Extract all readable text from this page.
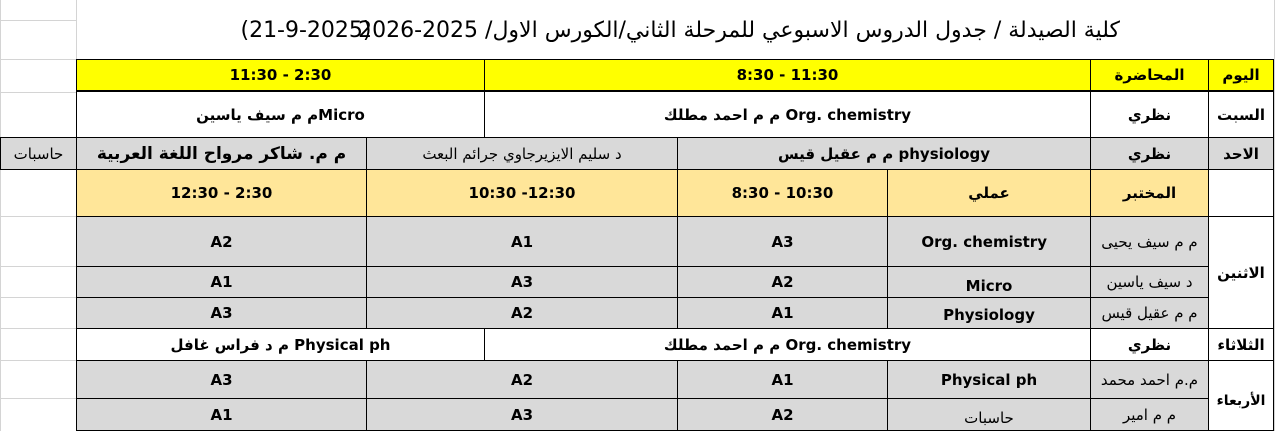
كلية الصيدلة / جدول الدروس الاسبوعي للمرحلة الثاني/الكورس الاول/ 2025-2026
(21-9-2025)
اليوم
المحاضرة
8:30 - 11:30
11:30 - 2:30
السبت
نظري
م م احمد مطلك Org. chemistry
م م سيف ياسينMicro
الاحد
نظري
م م عقيل قيس physiology
د سليم الايزيرجاوي جرائم البعث
م م. شاكر مرواح اللغة العربية
حاسبات
المختبر
عملي
8:30 - 10:30
10:30 -12:30
12:30 - 2:30
الاثنين
م م سيف يحيى
Org. chemistry
A3
A1
A2
د سيف ياسين
Micro
A2
A3
A1
م م عقيل قيس
Physiology
A1
A2
A3
الثلاثاء
نظري
م م احمد مطلك Org. chemistry
م د فراس غافل Physical ph
الأربعاء
م.م احمد محمد
Physical ph
A1
A2
A3
م م امير
حاسبات
A2
A3
A1
